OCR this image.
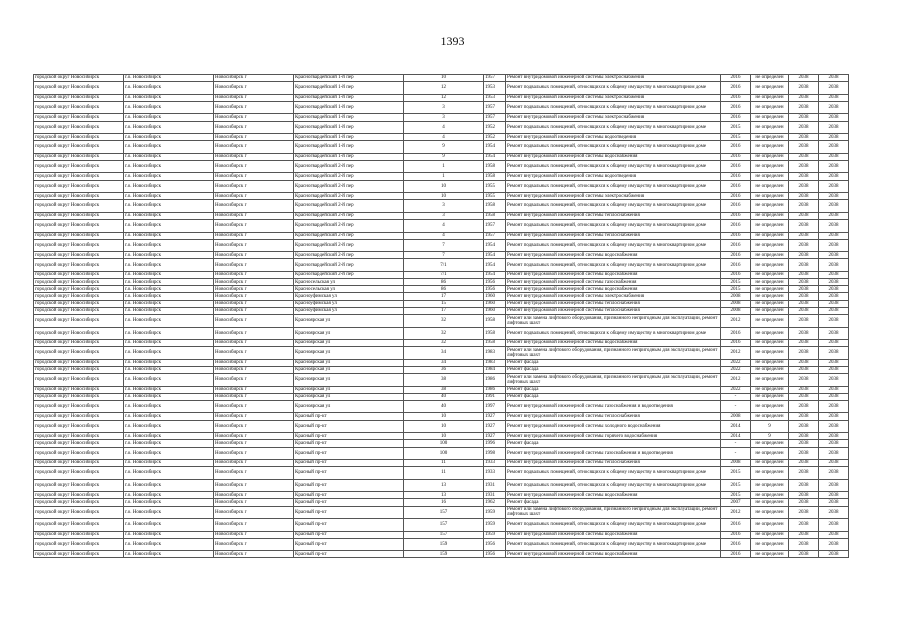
1393
городской округ Новосибирск	г.о. Новосибирск	Новосибирск г	Красногвардейский 1-й пер	10	1957	Ремонт внутридомовой инженерной системы электроснабжения	2016	не определен	2038	2038
городской округ Новосибирск	г.о. Новосибирск	Новосибирск г	Красногвардейский 1-й пер	12	1953	Ремонт подвальных помещений, относящихся к общему имуществу в многоквартирном доме	2016	не определен	2038	2038
городской округ Новосибирск	г.о. Новосибирск	Новосибирск г	Красногвардейский 1-й пер	12	1953	Ремонт внутридомовой инженерной системы электроснабжения	2016	не определен	2038	2038
городской округ Новосибирск	г.о. Новосибирск	Новосибирск г	Красногвардейский 1-й пер	3	1957	Ремонт подвальных помещений, относящихся к общему имуществу в многоквартирном доме	2016	не определен	2038	2038
городской округ Новосибирск	г.о. Новосибирск	Новосибирск г	Красногвардейский 1-й пер	3	1957	Ремонт внутридомовой инженерной системы электроснабжения	2016	не определен	2038	2038
городской округ Новосибирск	г.о. Новосибирск	Новосибирск г	Красногвардейский 1-й пер	4	1952	Ремонт подвальных помещений, относящихся к общему имуществу в многоквартирном доме	2015	не определен	2038	2038
городской округ Новосибирск	г.о. Новосибирск	Новосибирск г	Красногвардейский 1-й пер	4	1952	Ремонт внутридомовой инженерной системы водоотведения	2015	не определен	2038	2038
городской округ Новосибирск	г.о. Новосибирск	Новосибирск г	Красногвардейский 1-й пер	9	1954	Ремонт подвальных помещений, относящихся к общему имуществу в многоквартирном доме	2016	не определен	2038	2038
городской округ Новосибирск	г.о. Новосибирск	Новосибирск г	Красногвардейский 1-й пер	9	1954	Ремонт внутридомовой инженерной системы водоснабжения	2016	не определен	2038	2038
городской округ Новосибирск	г.о. Новосибирск	Новосибирск г	Красногвардейский 2-й пер	1	1958	Ремонт подвальных помещений, относящихся к общему имуществу в многоквартирном доме	2016	не определен	2038	2038
городской округ Новосибирск	г.о. Новосибирск	Новосибирск г	Красногвардейский 2-й пер	1	1958	Ремонт внутридомовой инженерной системы водоотведения	2016	не определен	2038	2038
городской округ Новосибирск	г.о. Новосибирск	Новосибирск г	Красногвардейский 2-й пер	10	1955	Ремонт подвальных помещений, относящихся к общему имуществу в многоквартирном доме	2016	не определен	2038	2038
городской округ Новосибирск	г.о. Новосибирск	Новосибирск г	Красногвардейский 2-й пер	10	1955	Ремонт внутридомовой инженерной системы электроснабжения	2016	не определен	2038	2038
городской округ Новосибирск	г.о. Новосибирск	Новосибирск г	Красногвардейский 2-й пер	3	1958	Ремонт подвальных помещений, относящихся к общему имуществу в многоквартирном доме	2016	не определен	2038	2038
городской округ Новосибирск	г.о. Новосибирск	Новосибирск г	Красногвардейский 2-й пер	3	1958	Ремонт внутридомовой инженерной системы теплоснабжения	2016	не определен	2038	2038
городской округ Новосибирск	г.о. Новосибирск	Новосибирск г	Красногвардейский 2-й пер	4	1957	Ремонт подвальных помещений, относящихся к общему имуществу в многоквартирном доме	2016	не определен	2038	2038
городской округ Новосибирск	г.о. Новосибирск	Новосибирск г	Красногвардейский 2-й пер	4	1957	Ремонт внутридомовой инженерной системы теплоснабжения	2016	не определен	2038	2038
городской округ Новосибирск	г.о. Новосибирск	Новосибирск г	Красногвардейский 2-й пер	7	1954	Ремонт подвальных помещений, относящихся к общему имуществу в многоквартирном доме	2016	не определен	2038	2038
городской округ Новосибирск	г.о. Новосибирск	Новосибирск г	Красногвардейский 2-й пер	7	1954	Ремонт внутридомовой инженерной системы водоснабжения	2016	не определен	2038	2038
городской округ Новосибирск	г.о. Новосибирск	Новосибирск г	Красногвардейский 2-й пер	7/1	1954	Ремонт подвальных помещений, относящихся к общему имуществу в многоквартирном доме	2016	не определен	2038	2038
городской округ Новосибирск	г.о. Новосибирск	Новосибирск г	Красногвардейский 2-й пер	7/1	1954	Ремонт внутридомовой инженерной системы водоснабжения	2016	не определен	2038	2038
городской округ Новосибирск	г.о. Новосибирск	Новосибирск г	Красносельская ул	86	1956	Ремонт внутридомовой инженерной системы газоснабжения	2015	не определен	2038	2038
городской округ Новосибирск	г.о. Новосибирск	Новосибирск г	Красносельская ул	86	1956	Ремонт внутридомовой инженерной системы водоснабжения	2015	не определен	2038	2038
городской округ Новосибирск	г.о. Новосибирск	Новосибирск г	Красноуфимская ул	17	1960	Ремонт внутридомовой инженерной системы электроснабжения	2008	не определен	2038	2038
городской округ Новосибирск	г.о. Новосибирск	Новосибирск г	Красноуфимская ул	15	1960	Ремонт внутридомовой инженерной системы теплоснабжения	2008	не определен	2038	2038
городской округ Новосибирск	г.о. Новосибирск	Новосибирск г	Красноуфимская ул	17	1960	Ремонт внутридомовой инженерной системы теплоснабжения	2008	не определен	2038	2038
городской округ Новосибирск	г.о. Новосибирск	Новосибирск г	Красноярская ул	32	1958	Ремонт или замена лифтового оборудования, признанного непригодным для эксплуатации, ремонт лифтовых шахт	2012	не определен	2038	2038
городской округ Новосибирск	г.о. Новосибирск	Новосибирск г	Красноярская ул	32	1958	Ремонт подвальных помещений, относящихся к общему имуществу в многоквартирном доме	2016	не определен	2038	2038
городской округ Новосибирск	г.о. Новосибирск	Новосибирск г	Красноярская ул	32	1958	Ремонт внутридомовой инженерной системы водоснабжения	2016	не определен	2038	2038
городской округ Новосибирск	г.о. Новосибирск	Новосибирск г	Красноярская ул	34	1983	Ремонт или замена лифтового оборудования, признанного непригодным для эксплуатации, ремонт лифтовых шахт	2012	не определен	2038	2038
городской округ Новосибирск	г.о. Новосибирск	Новосибирск г	Красноярская ул	34	1983	Ремонт фасада	2022	не определен	2038	2038
городской округ Новосибирск	г.о. Новосибирск	Новосибирск г	Красноярская ул	36	1984	Ремонт фасада	2022	не определен	2038	2038
городской округ Новосибирск	г.о. Новосибирск	Новосибирск г	Красноярская ул	38	1986	Ремонт или замена лифтового оборудования, признанного непригодным для эксплуатации, ремонт лифтовых шахт	2012	не определен	2038	2038
городской округ Новосибирск	г.о. Новосибирск	Новосибирск г	Красноярская ул	38	1986	Ремонт фасада	2022	не определен	2038	2038
городской округ Новосибирск	г.о. Новосибирск	Новосибирск г	Красноярская ул	40	1991	Ремонт фасада	-	не определен	2038	2038
городской округ Новосибирск	г.о. Новосибирск	Новосибирск г	Красноярская ул	40	1997	Ремонт внутридомовой инженерной системы газоснабжения и водоотведения	-	не определен	2038	2038
городской округ Новосибирск	г.о. Новосибирск	Новосибирск г	Красный пр-кт	10	1927	Ремонт внутридомовой инженерной системы теплоснабжения	2008	не определен	2038	2038
городской округ Новосибирск	г.о. Новосибирск	Новосибирск г	Красный пр-кт	10	1927	Ремонт внутридомовой инженерной системы холодного водоснабжения	2014	9	2038	2038
городской округ Новосибирск	г.о. Новосибирск	Новосибирск г	Красный пр-кт	10	1927	Ремонт внутридомовой инженерной системы горячего водоснабжения	2014	9	2038	2038
городской округ Новосибирск	г.о. Новосибирск	Новосибирск г	Красный пр-кт	100	1996	Ремонт фасада	-	не определен	2038	2038
городской округ Новосибирск	г.о. Новосибирск	Новосибирск г	Красный пр-кт	100	1998	Ремонт внутридомовой инженерной системы газоснабжения и водоотведения	-	не определен	2038	2038
городской округ Новосибирск	г.о. Новосибирск	Новосибирск г	Красный пр-кт	11	1933	Ремонт внутридомовой инженерной системы теплоснабжения	2008	не определен	2038	2038
городской округ Новосибирск	г.о. Новосибирск	Новосибирск г	Красный пр-кт	11	1933	Ремонт подвальных помещений, относящихся к общему имуществу в многоквартирном доме	2015	не определен	2038	2038
городской округ Новосибирск	г.о. Новосибирск	Новосибирск г	Красный пр-кт	13	1931	Ремонт подвальных помещений, относящихся к общему имуществу в многоквартирном доме	2015	не определен	2038	2038
городской округ Новосибирск	г.о. Новосибирск	Новосибирск г	Красный пр-кт	13	1931	Ремонт внутридомовой инженерной системы водоснабжения	2015	не определен	2038	2038
городской округ Новосибирск	г.о. Новосибирск	Новосибирск г	Красный пр-кт	16	1962	Ремонт фасада	2007	не определен	2038	2038
городской округ Новосибирск	г.о. Новосибирск	Новосибирск г	Красный пр-кт	157	1959	Ремонт или замена лифтового оборудования, признанного непригодным для эксплуатации, ремонт лифтовых шахт	2012	не определен	2038	2038
городской округ Новосибирск	г.о. Новосибирск	Новосибирск г	Красный пр-кт	157	1959	Ремонт подвальных помещений, относящихся к общему имуществу в многоквартирном доме	2016	не определен	2038	2038
городской округ Новосибирск	г.о. Новосибирск	Новосибирск г	Красный пр-кт	157	1959	Ремонт внутридомовой инженерной системы водоснабжения	2016	не определен	2038	2038
городской округ Новосибирск	г.о. Новосибирск	Новосибирск г	Красный пр-кт	159	1956	Ремонт подвальных помещений, относящихся к общему имуществу в многоквартирном доме	2016	не определен	2038	2038
городской округ Новосибирск	г.о. Новосибирск	Новосибирск г	Красный пр-кт	159	1956	Ремонт внутридомовой инженерной системы водоснабжения	2016	не определен	2038	2038
